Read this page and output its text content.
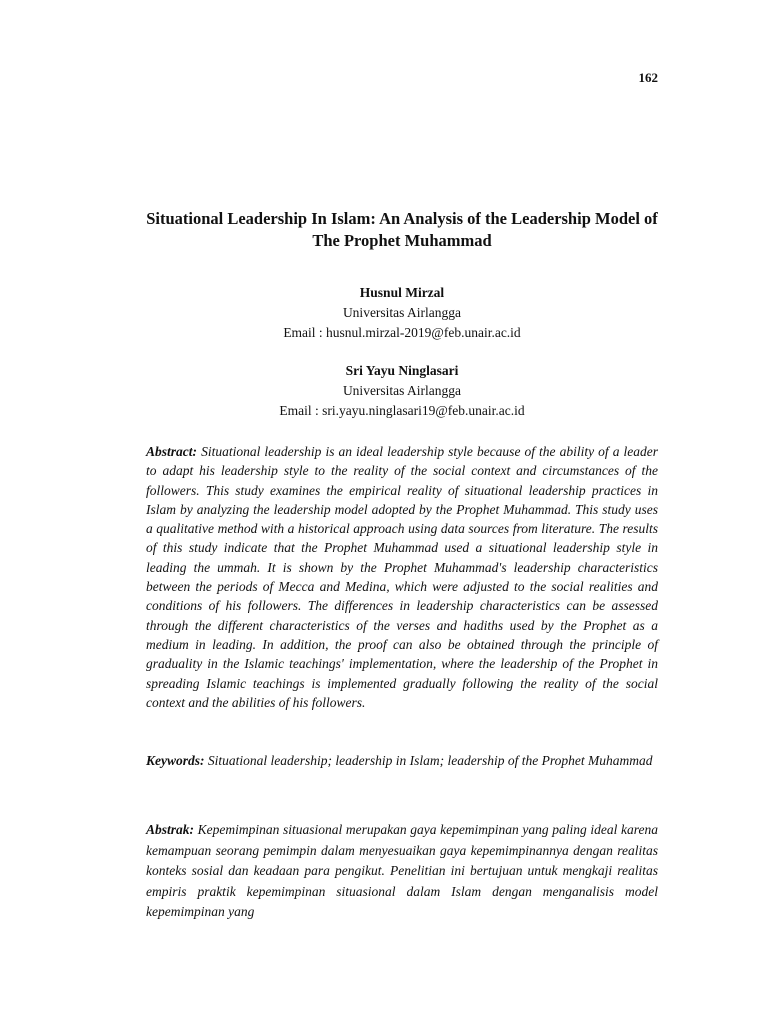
162
Situational Leadership In Islam: An Analysis of the Leadership Model of The Prophet Muhammad
Husnul Mirzal
Universitas Airlangga
Email : husnul.mirzal-2019@feb.unair.ac.id
Sri Yayu Ninglasari
Universitas Airlangga
Email : sri.yayu.ninglasari19@feb.unair.ac.id
Abstract: Situational leadership is an ideal leadership style because of the ability of a leader to adapt his leadership style to the reality of the social context and circumstances of the followers. This study examines the empirical reality of situational leadership practices in Islam by analyzing the leadership model adopted by the Prophet Muhammad. This study uses a qualitative method with a historical approach using data sources from literature. The results of this study indicate that the Prophet Muhammad used a situational leadership style in leading the ummah. It is shown by the Prophet Muhammad's leadership characteristics between the periods of Mecca and Medina, which were adjusted to the social realities and conditions of his followers. The differences in leadership characteristics can be assessed through the different characteristics of the verses and hadiths used by the Prophet as a medium in leading. In addition, the proof can also be obtained through the principle of graduality in the Islamic teachings' implementation, where the leadership of the Prophet in spreading Islamic teachings is implemented gradually following the reality of the social context and the abilities of his followers.
Keywords: Situational leadership; leadership in Islam; leadership of the Prophet Muhammad
Abstrak: Kepemimpinan situasional merupakan gaya kepemimpinan yang paling ideal karena kemampuan seorang pemimpin dalam menyesuaikan gaya kepemimpinannya dengan realitas konteks sosial dan keadaan para pengikut. Penelitian ini bertujuan untuk mengkaji realitas empiris praktik kepemimpinan situasional dalam Islam dengan menganalisis model kepemimpinan yang
